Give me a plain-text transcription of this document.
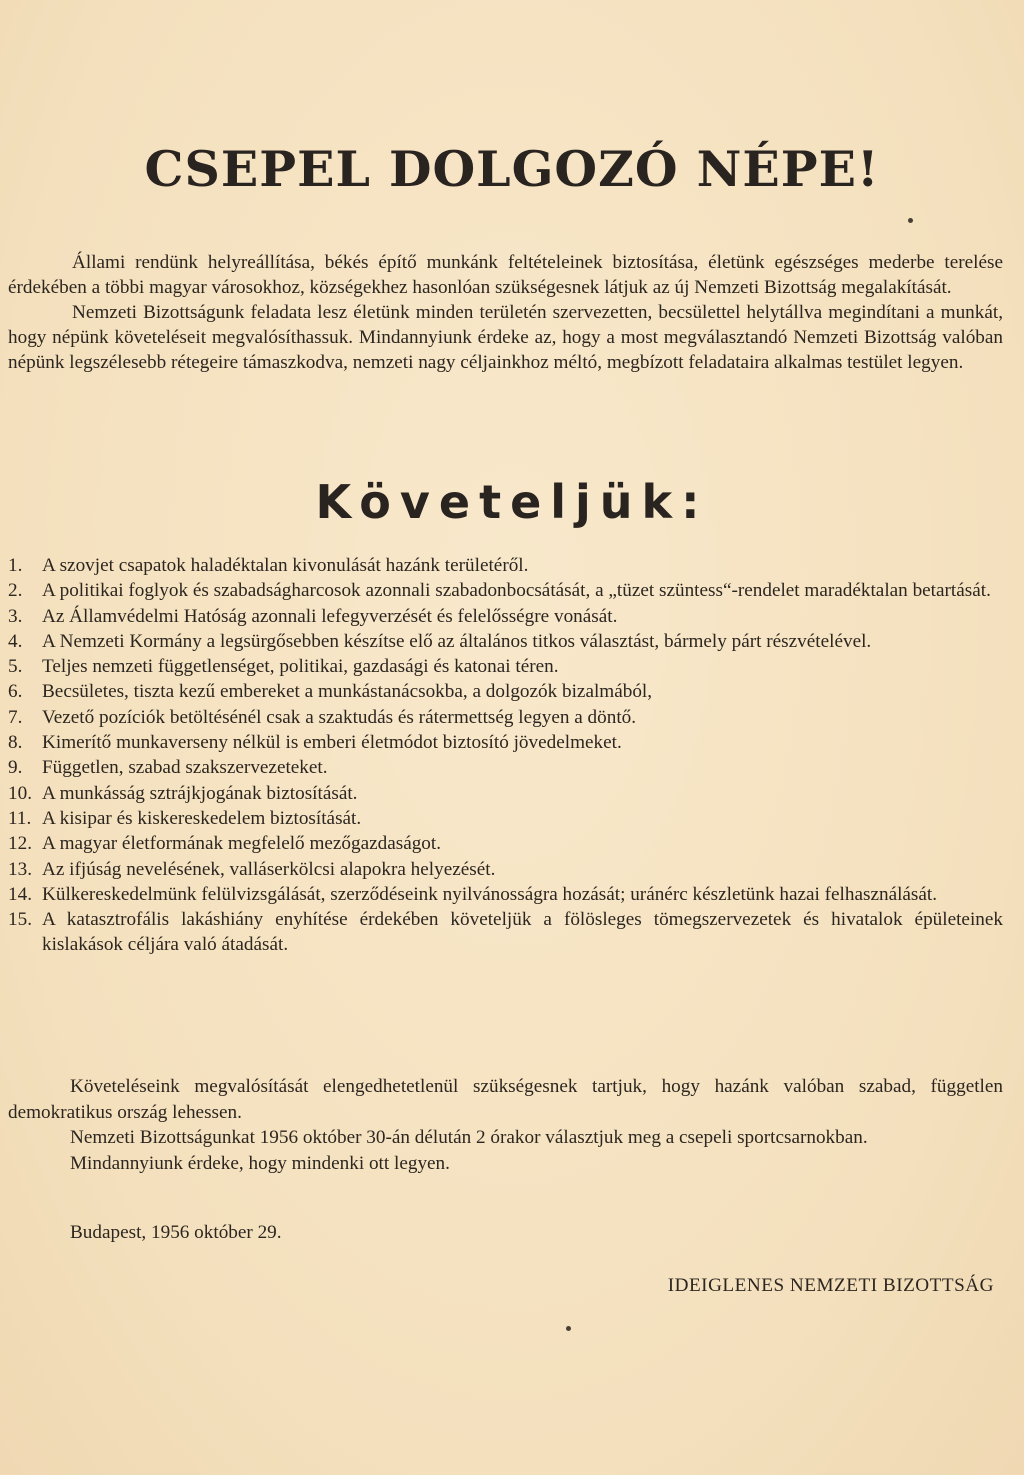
CSEPEL DOLGOZÓ NÉPE!

Állami rendünk helyreállítása, békés építő munkánk feltételeinek biztosítása, életünk egészséges mederbe terelése érdekében a többi magyar városokhoz, községekhez hasonlóan szükségesnek látjuk az új Nemzeti Bizottság megalakítását.

Nemzeti Bizottságunk feladata lesz életünk minden területén szervezetten, becsülettel helytállva megindítani a munkát, hogy népünk követeléseit megvalósíthassuk. Mindannyiunk érdeke az, hogy a most megválasztandó Nemzeti Bizottság valóban népünk legszélesebb rétegeire támaszkodva, nemzeti nagy céljainkhoz méltó, megbízott feladataira alkalmas testület legyen.

Követeljük:
1.	A szovjet csapatok haladéktalan kivonulását hazánk területéről.
2.	A politikai foglyok és szabadságharcosok azonnali szabadonbocsátását, a „tüzet szüntess“-rendelet maradéktalan betartását.
3.	Az Államvédelmi Hatóság azonnali lefegyverzését és felelősségre vonását.
4.	A Nemzeti Kormány a legsürgősebben készítse elő az általános titkos választást, bármely párt részvételével.
5.	Teljes nemzeti függetlenséget, politikai, gazdasági és katonai téren.
6.	Becsületes, tiszta kezű embereket a munkástanácsokba, a dolgozók bizalmából,
7.	Vezető pozíciók betöltésénél csak a szaktudás és rátermettség legyen a döntő.
8.	Kimerítő munkaverseny nélkül is emberi életmódot biztosító jövedelmeket.
9.	Független, szabad szakszervezeteket.
10. A munkásság sztrájkjogának biztosítását.
11. A kisipar és kiskereskedelem biztosítását.
12. A magyar életformának megfelelő mezőgazdaságot.
13. Az ifjúság nevelésének, valláserkölcsi alapokra helyezését.
14. Külkereskedelmünk felülvizsgálását, szerződéseink nyilvánosságra hozását; uránérc készletünk hazai felhasználását.
15. A katasztrofális lakáshiány enyhítése érdekében követeljük a fölösleges tömegszervezetek és hivatalok épületeinek kislakások céljára való átadását.

Követeléseink megvalósítását elengedhetetlenül szükségesnek tartjuk, hogy hazánk valóban szabad, független demokratikus ország lehessen.

Nemzeti Bizottságunkat 1956 október 30-án délután 2 órakor választjuk meg a csepeli sportcsarnokban.

Mindannyiunk érdeke, hogy mindenki ott legyen.

Budapest, 1956 október 29.

IDEIGLENES NEMZETI BIZOTTSÁG
